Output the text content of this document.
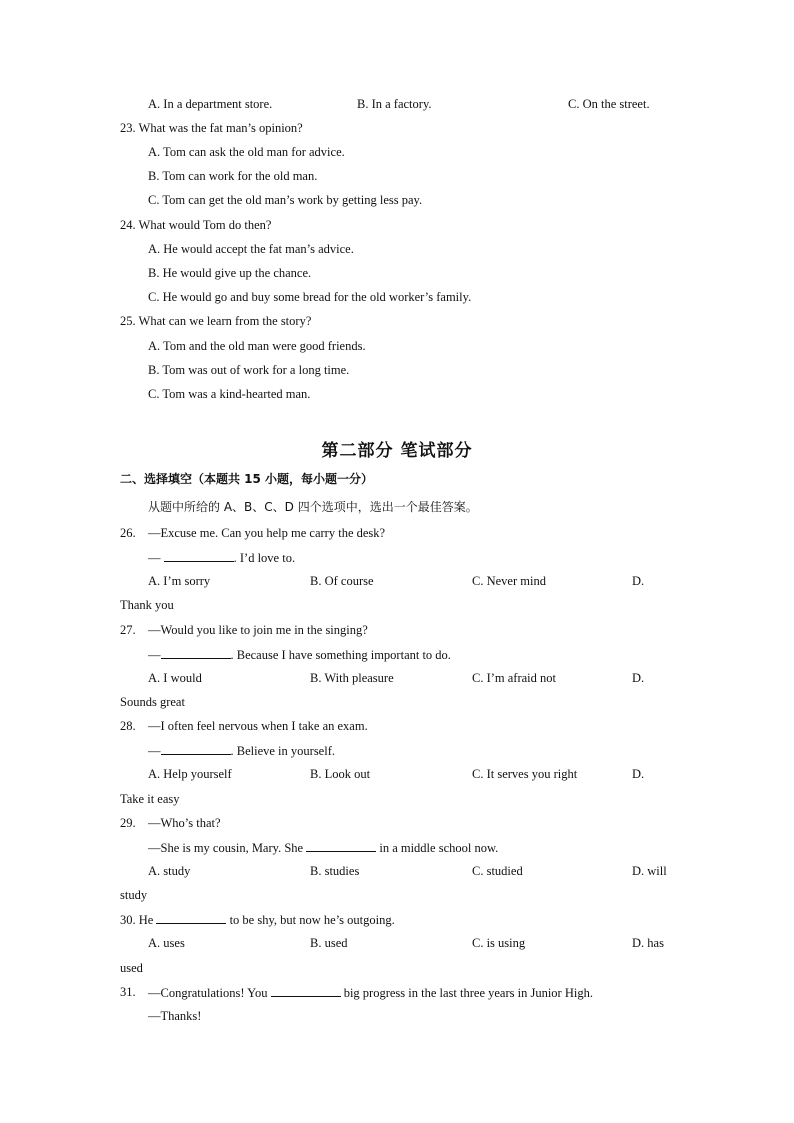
A. In a department store.	B. In a factory.	C. On the street.
23. What was the fat man’s opinion?
A. Tom can ask the old man for advice.
B. Tom can work for the old man.
C. Tom can get the old man’s work by getting less pay.
24. What would Tom do then?
A. He would accept the fat man’s advice.
B. He would give up the chance.
C. He would go and buy some bread for the old worker’s family.
25. What can we learn from the story?
A. Tom and the old man were good friends.
B. Tom was out of work for a long time.
C. Tom was a kind-hearted man.
第二部分 笔试部分
二、选择填空（本题共 15 小题，每小题一分）
从题中所给的 A、B、C、D 四个选项中，选出一个最佳答案。
26. —Excuse me. Can you help me carry the desk?
—	. I’d love to.
A. I’m sorry	B. Of course	C. Never mind	D.
Thank you
27. —Would you like to join me in the singing?
—	. Because I have something important to do.
A. I would	B. With pleasure	C. I’m afraid not	D.
Sounds great
28. —I often feel nervous when I take an exam.
—	. Believe in yourself.
A. Help yourself	B. Look out	C. It serves you right	D.
Take it easy
29. —Who’s that?
—She is my cousin, Mary. She	in a middle school now.
A. study	B. studies	C. studied	D. will
study
30. He	to be shy, but now he’s outgoing.
A. uses	B. used	C. is using	D. has
used
31. —Congratulations! You	big progress in the last three years in Junior High.
—Thanks!
